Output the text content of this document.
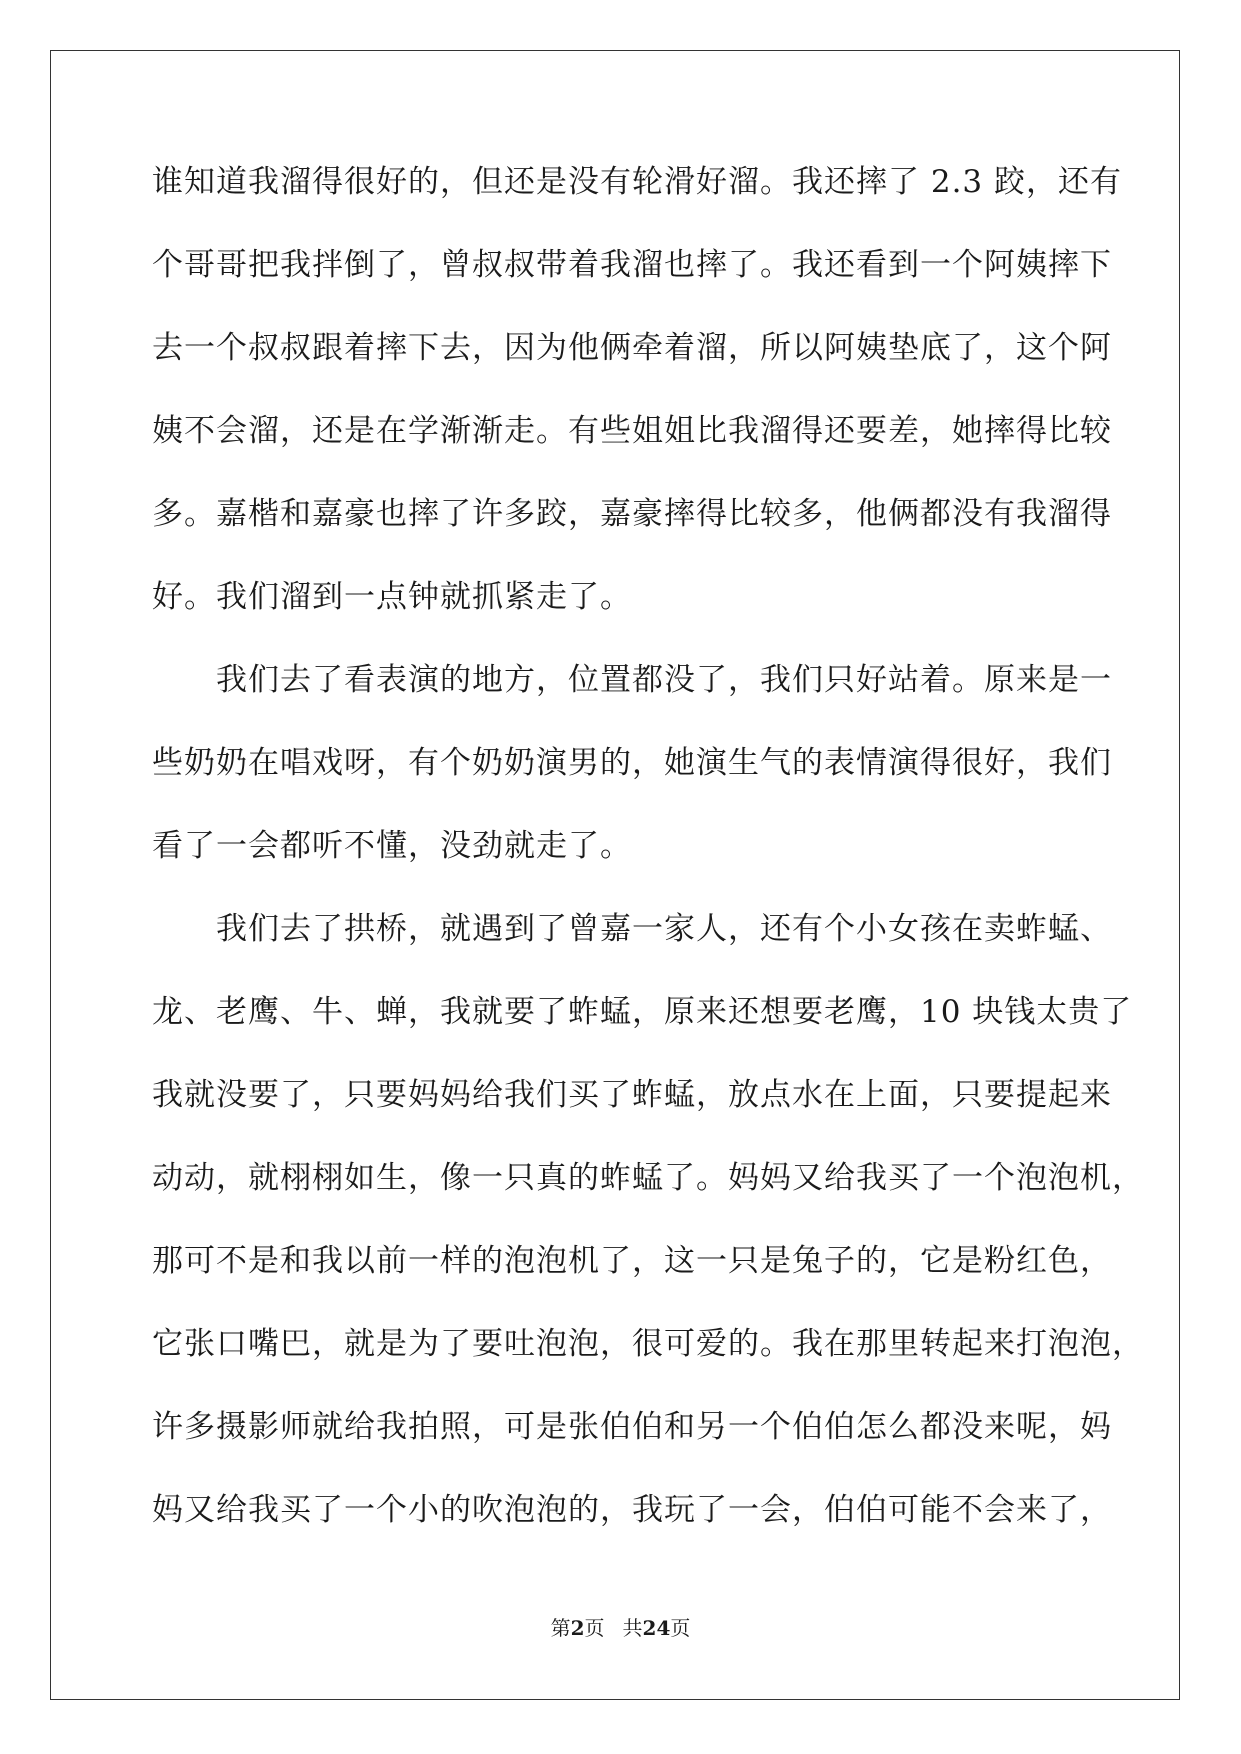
谁知道我溜得很好的，但还是没有轮滑好溜。我还摔了 2.3 跤，还有
个哥哥把我拌倒了，曾叔叔带着我溜也摔了。我还看到一个阿姨摔下
去一个叔叔跟着摔下去，因为他俩牵着溜，所以阿姨垫底了，这个阿
姨不会溜，还是在学渐渐走。有些姐姐比我溜得还要差，她摔得比较
多。嘉楷和嘉豪也摔了许多跤，嘉豪摔得比较多，他俩都没有我溜得
好。我们溜到一点钟就抓紧走了。
我们去了看表演的地方，位置都没了，我们只好站着。原来是一
些奶奶在唱戏呀，有个奶奶演男的，她演生气的表情演得很好，我们
看了一会都听不懂，没劲就走了。
我们去了拱桥，就遇到了曾嘉一家人，还有个小女孩在卖蚱蜢、
龙、老鹰、牛、蝉，我就要了蚱蜢，原来还想要老鹰，10 块钱太贵了
我就没要了，只要妈妈给我们买了蚱蜢，放点水在上面，只要提起来
动动，就栩栩如生，像一只真的蚱蜢了。妈妈又给我买了一个泡泡机，
那可不是和我以前一样的泡泡机了，这一只是兔子的，它是粉红色，
它张口嘴巴，就是为了要吐泡泡，很可爱的。我在那里转起来打泡泡，
许多摄影师就给我拍照，可是张伯伯和另一个伯伯怎么都没来呢，妈
妈又给我买了一个小的吹泡泡的，我玩了一会，伯伯可能不会来了，
第2页 共24页
